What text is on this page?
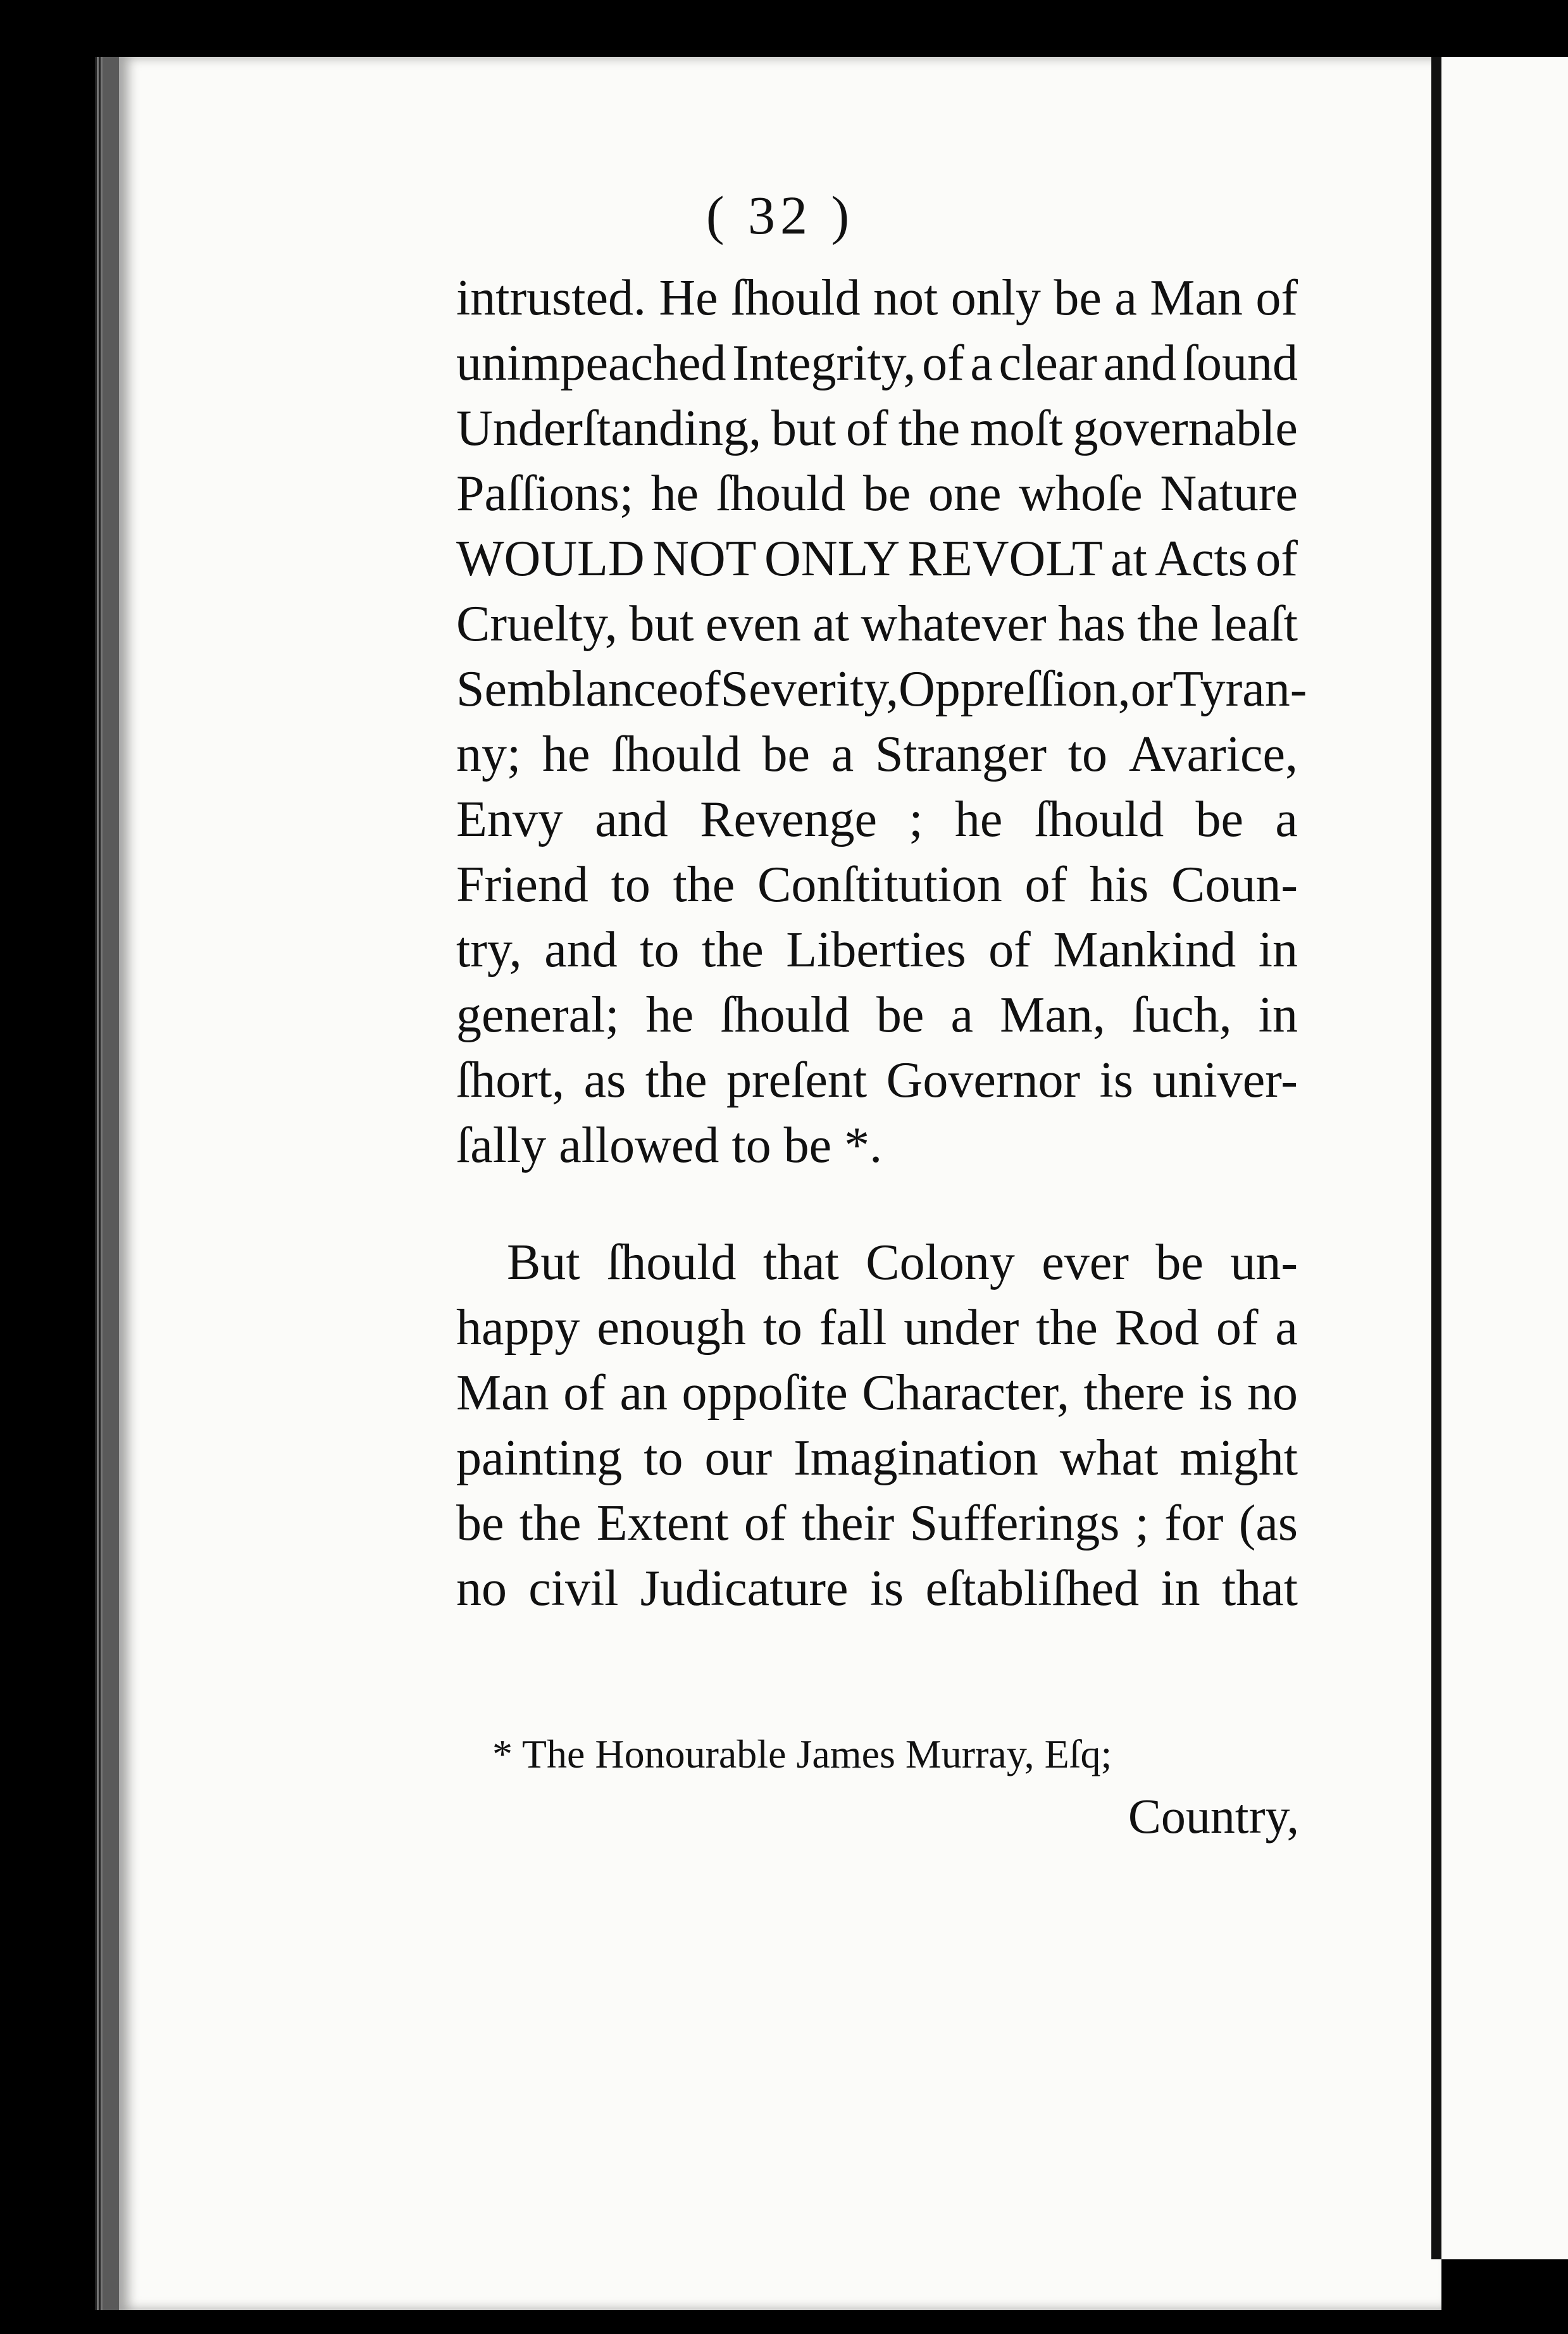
( 32 )
intrusted. He ſhould not only be a Man of
unimpeached Integrity, of a clear and ſound
Underſtanding, but of the moſt governable
Paſſions; he ſhould be one whoſe Nature
WOULD NOT ONLY REVOLT at Acts of
Cruelty, but even at whatever has the leaſt
Semblance of Severity, Oppreſſion, or Tyran-
ny; he ſhould be a Stranger to Avarice,
Envy and Revenge ; he ſhould be a
Friend to the Conſtitution of his Coun-
try, and to the Liberties of Mankind in
general; he ſhould be a Man, ſuch, in
ſhort, as the preſent Governor is univer-
ſally allowed to be *.
But ſhould that Colony ever be un-
happy enough to fall under the Rod of a
Man of an oppoſite Character, there is no
painting to our Imagination what might
be the Extent of their Sufferings ; for (as
no civil Judicature is eſtabliſhed in that
* The Honourable James Murray, Eſq;
Country,
